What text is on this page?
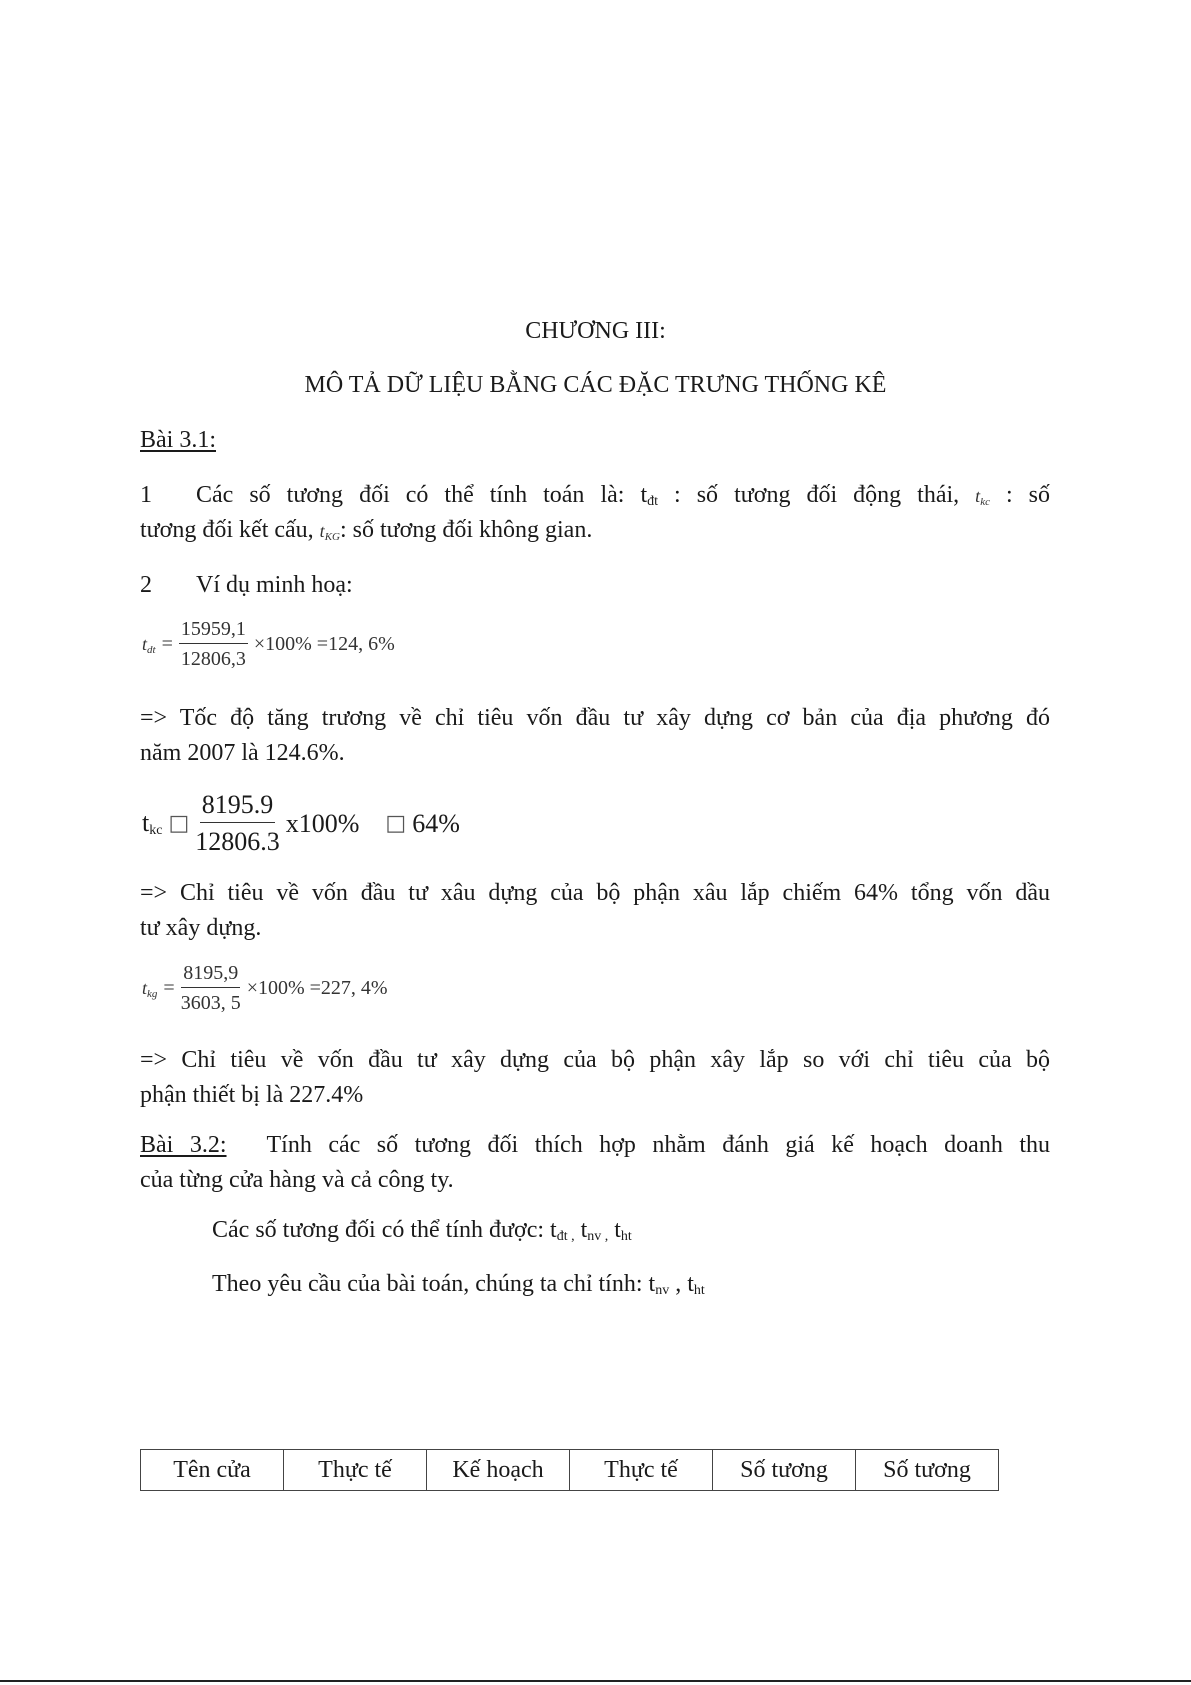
CHƯƠNG III:

MÔ TẢ DỮ LIỆU BẰNG CÁC ĐẶC TRƯNG THỐNG KÊ

Bài 3.1:

1 Các số tương đối có thể tính toán là: $t_{đt}$ : số tương đối động thái, $t_{kc}$ : số

tương đối kết cấu, $t_{KG}$: số tương đối không gian.

2 Ví dụ minh hoạ:

$t_{dt} = \frac{15959,1}{12806,3} \times 100\% =124$, 6%

=> Tốc độ tăng trương về chỉ tiêu vốn đầu tư xây dựng cơ bản của địa phương đó

năm 2007 là 124.6%.

$t_{kc}$ □ $\frac{8195.9}{12806.3} x100\%$ □ 64%

=> Chỉ tiêu về vốn đầu tư xâu dựng của bộ phận xâu lắp chiếm 64% tổng vốn dầu

tư xây dựng.

$t_{kg} = \frac{8195,9}{3603, 5} \times 100\% =227$, 4%

=> Chỉ tiêu về vốn đầu tư xây dựng của bộ phận xây lắp so với chỉ tiêu của bộ

phận thiết bị là 227.4%

Bài 3.2: Tính các số tương đối thích hợp nhằm đánh giá kế hoạch doanh thu

của từng cửa hàng và cả công ty.

Các số tương đối có thể tính được: $t_{đt ,}$ $t_{nv ,}$ $t_{ht}$

Theo yêu cầu của bài toán, chúng ta chỉ tính: $t_{nv}$ , $t_{ht}$

Tên cửa	Thực tế	Kế hoạch	Thực tế	Số tương	Số tương
